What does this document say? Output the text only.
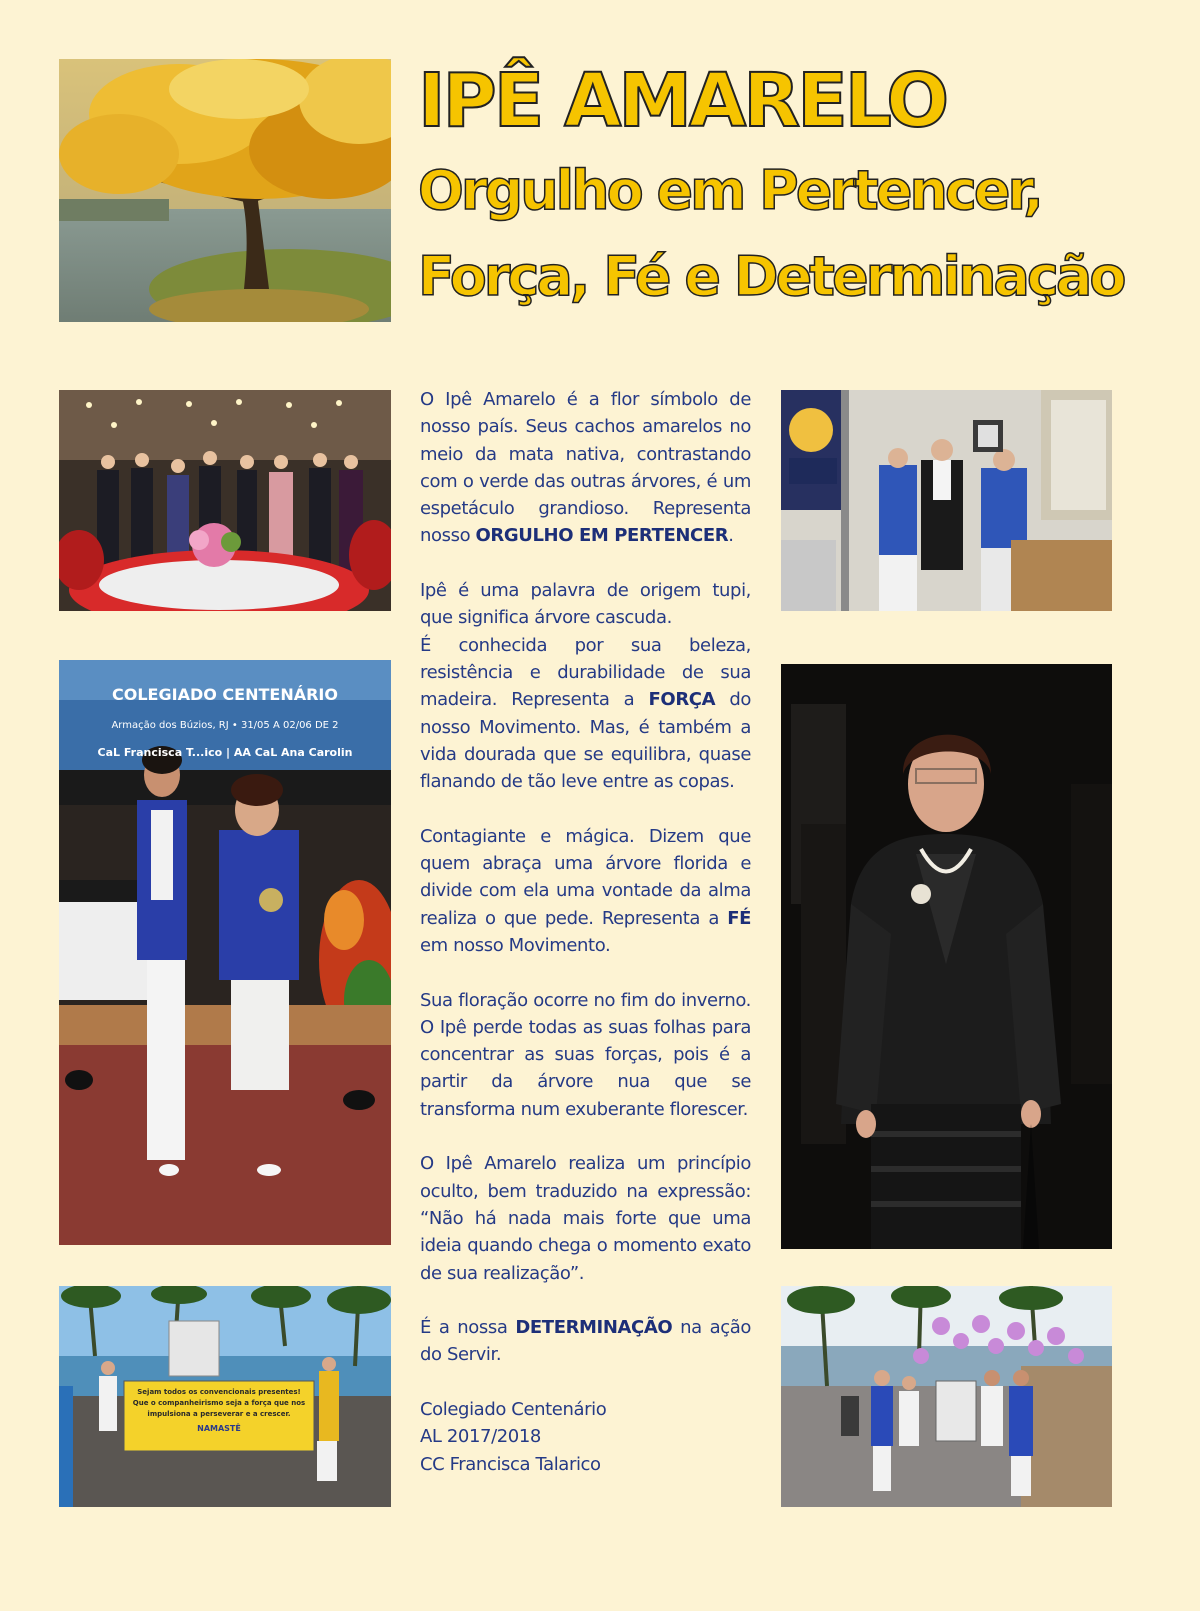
IPÊ AMARELO
Orgulho em Pertencer,
Força, Fé e Determinação
COLEGIADO CENTENÁRIO
Armação dos Búzios, RJ • 31/05 A 02/06 DE 2
CaL Francisca T...ico | AA CaL Ana Carolin
Sejam todos os convencionais presentes!
Que o companheirismo seja a força que nos
impulsiona a perseverar e a crescer.
NAMASTÊ

O Ipê Amarelo é a flor símbolo de nosso país. Seus cachos amarelos no meio da mata nativa, contrastando com o verde das outras árvores, é um espetáculo grandioso. Representa nosso ORGULHO EM PERTENCER.

Ipê é uma palavra de origem tupi, que significa árvore cascuda.
É conhecida por sua beleza, resistência e durabilidade de sua madeira. Representa a FORÇA do nosso Movimento. Mas, é também a vida dourada que se equilibra, quase flanando de tão leve entre as copas.

Contagiante e mágica. Dizem que quem abraça uma árvore florida e divide com ela uma vontade da alma realiza o que pede. Representa a FÉ em nosso Movimento.

Sua floração ocorre no fim do inverno. O Ipê perde todas as suas folhas para concentrar as suas forças, pois é a partir da árvore nua que se transforma num exuberante florescer.

O Ipê Amarelo realiza um princípio oculto, bem traduzido na expressão: “Não há nada mais forte que uma ideia quando chega o momento exato de sua realização”.

É a nossa DETERMINAÇÃO na ação do Servir.

Colegiado Centenário
AL 2017/2018
CC Francisca Talarico
